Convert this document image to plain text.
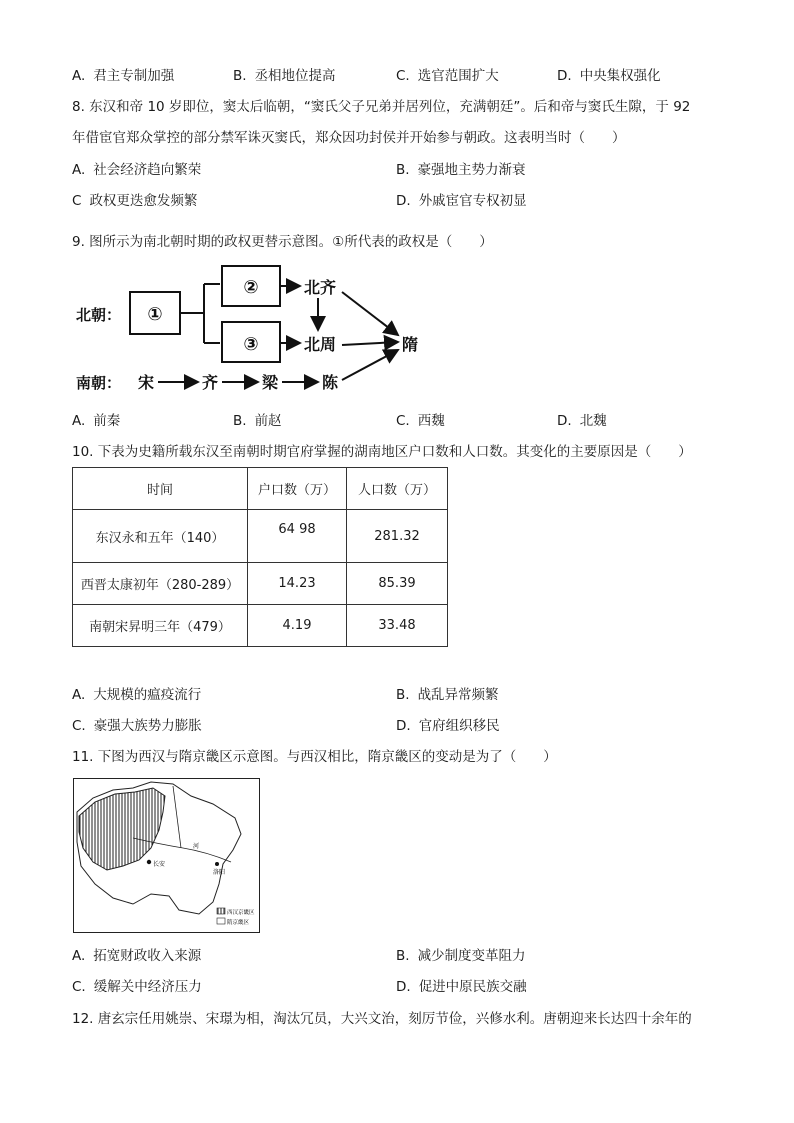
A. 君主专制加强	B. 丞相地位提高	C. 选官范围扩大	D. 中央集权强化
8. 东汉和帝 10 岁即位，窦太后临朝，“窦氏父子兄弟并居列位，充满朝廷”。后和帝与窦氏生隙，于 92
年借宦官郑众掌控的部分禁军诛灭窦氏，郑众因功封侯并开始参与朝政。这表明当时（　　）
A. 社会经济趋向繁荣	B. 豪强地主势力渐衰
C 政权更迭愈发频繁	D. 外戚宦官专权初显
9. 图所示为南北朝时期的政权更替示意图。①所代表的政权是（　　）
北朝：
南朝：
①
②
③
北齐
北周	隋
宋	齐	梁	陈
A. 前秦	B. 前赵	C. 西魏	D. 北魏
10. 下表为史籍所载东汉至南朝时期官府掌握的湖南地区户口数和人口数。其变化的主要原因是（　　）
时间	户口数（万）	人口数（万）
东汉永和五年（140）	64 98	281.32
西晋太康初年（280-289）	14.23	85.39
南朝宋昇明三年（479）	4.19	33.48
A. 大规模的瘟疫流行	B. 战乱异常频繁
C. 豪强大族势力膨胀	D. 官府组织移民
11. 下图为西汉与隋京畿区示意图。与西汉相比，隋京畿区的变动是为了（　　）
长安
洛阳
河
西汉京畿区
隋京畿区
A. 拓宽财政收入来源	B. 减少制度变革阻力
C. 缓解关中经济压力	D. 促进中原民族交融
12. 唐玄宗任用姚崇、宋璟为相，淘汰冗员，大兴文治，刻厉节俭，兴修水利。唐朝迎来长达四十余年的
